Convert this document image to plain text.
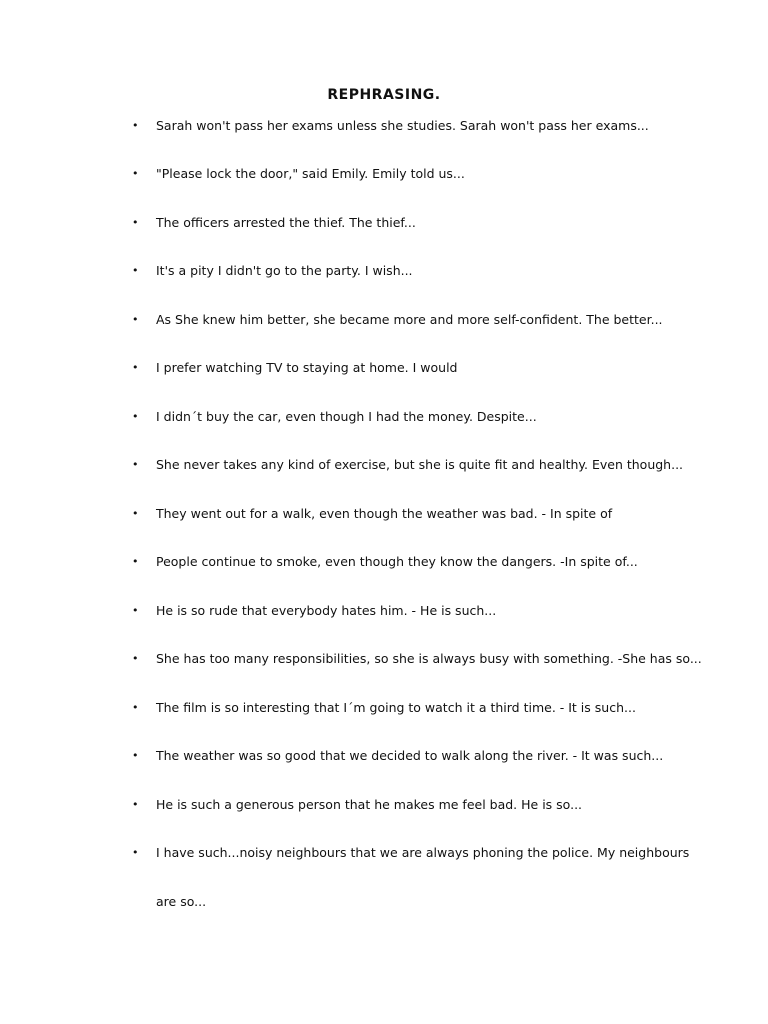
REPHRASING.
• Sarah won't pass her exams unless she studies. Sarah won't pass her exams...
• "Please lock the door," said Emily. Emily told us...
• The officers arrested the thief. The thief...
• It's a pity I didn't go to the party. I wish...
• As She knew him better, she became more and more self-confident. The better...
• I prefer watching TV to staying at home. I would
• I didn´t buy the car, even though I had the money. Despite...
• She never takes any kind of exercise, but she is quite fit and healthy. Even though...
• They went out for a walk, even though the weather was bad. - In spite of
• People continue to smoke, even though they know the dangers. -In spite of...
• He is so rude that everybody hates him. - He is such...
• She has too many responsibilities, so she is always busy with something. -She has so...
• The film is so interesting that I´m going to watch it a third time. - It is such...
• The weather was so good that we decided to walk along the river. - It was such...
• He is such a generous person that he makes me feel bad. He is so...
• I have such...noisy neighbours that we are always phoning the police. My neighbours
are so...
